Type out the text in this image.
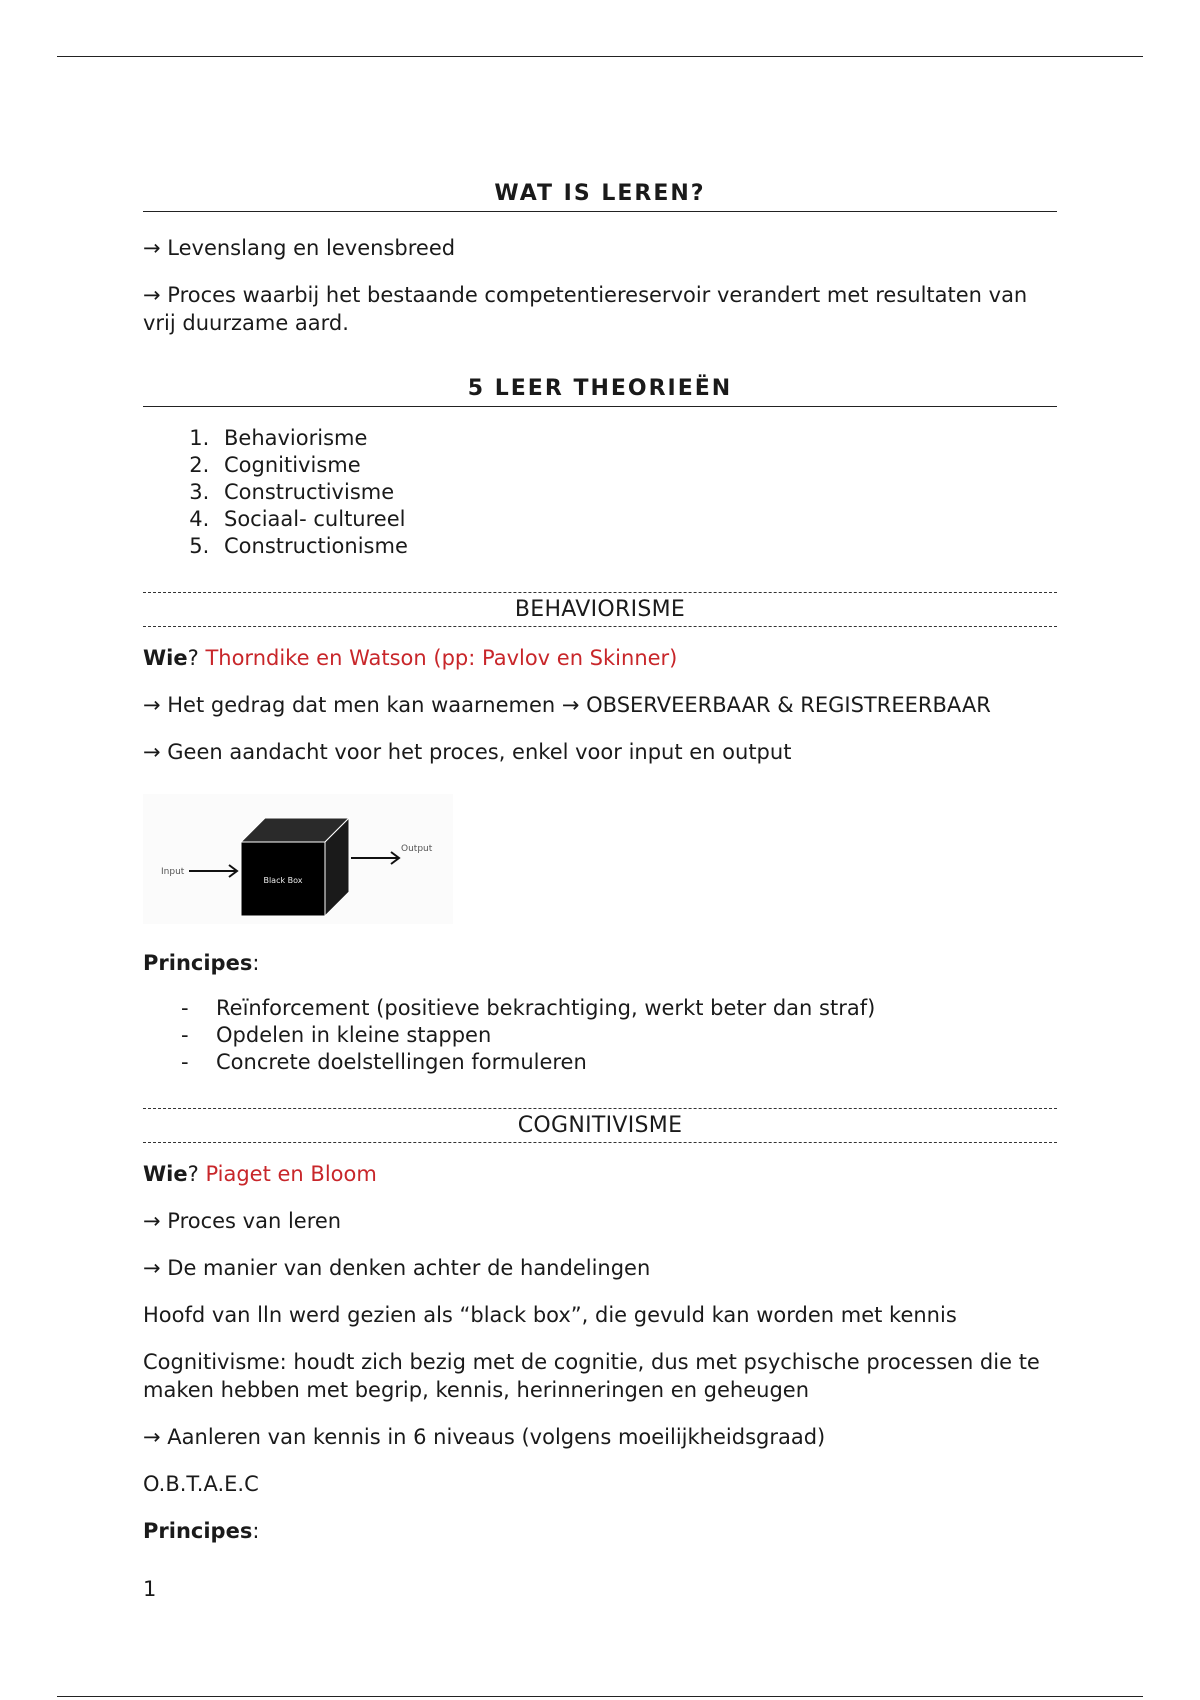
WAT IS LEREN?

→ Levenslang en levensbreed

→ Proces waarbij het bestaande competentiereservoir verandert met resultaten van vrij duurzame aard.

5 LEER THEORIEËN
1. Behaviorisme
2. Cognitivisme
3. Constructivisme
4. Sociaal- cultureel
5. Constructionisme
BEHAVIORISME

Wie? Thorndike en Watson (pp: Pavlov en Skinner)

→ Het gedrag dat men kan waarnemen → OBSERVEERBAAR & REGISTREERBAAR

→ Geen aandacht voor het proces, enkel voor input en output

Input
Black Box
Output

Principes:

- Reïnforcement (positieve bekrachtiging, werkt beter dan straf)
- Opdelen in kleine stappen
- Concrete doelstellingen formuleren
COGNITIVISME

Wie? Piaget en Bloom

→ Proces van leren

→ De manier van denken achter de handelingen

Hoofd van lln werd gezien als “black box”, die gevuld kan worden met kennis

Cognitivisme: houdt zich bezig met de cognitie, dus met psychische processen die te maken hebben met begrip, kennis, herinneringen en geheugen

→ Aanleren van kennis in 6 niveaus (volgens moeilijkheidsgraad)

O.B.T.A.E.C

Principes:

1
